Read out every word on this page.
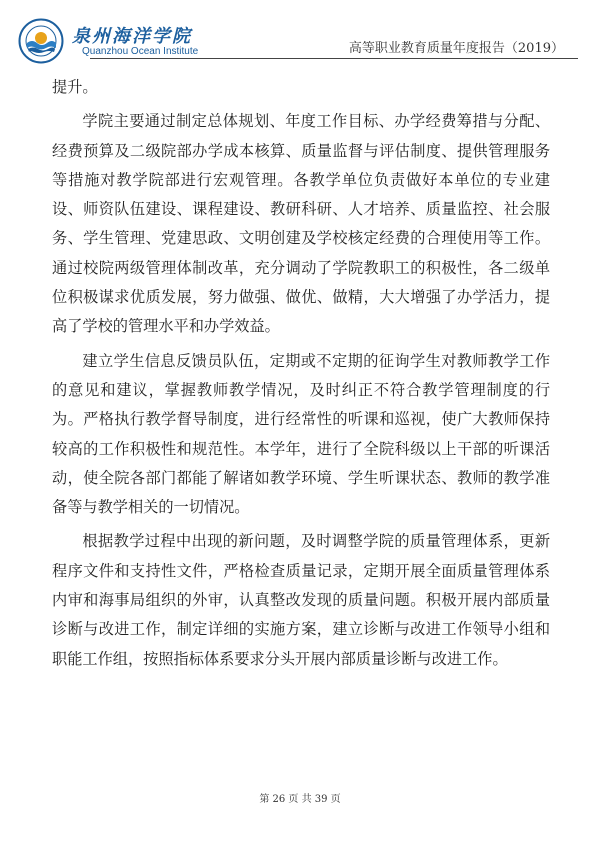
泉州海洋学院
Quanzhou Ocean Institute	高等职业教育质量年度报告（2019）

提升。

学院主要通过制定总体规划、年度工作目标、办学经费筹措与分配、经费预算及二级院部办学成本核算、质量监督与评估制度、提供管理服务等措施对教学院部进行宏观管理。各教学单位负责做好本单位的专业建设、师资队伍建设、课程建设、教研科研、人才培养、质量监控、社会服务、学生管理、党建思政、文明创建及学校核定经费的合理使用等工作。通过校院两级管理体制改革，充分调动了学院教职工的积极性，各二级单位积极谋求优质发展，努力做强、做优、做精，大大增强了办学活力，提高了学校的管理水平和办学效益。

建立学生信息反馈员队伍，定期或不定期的征询学生对教师教学工作的意见和建议，掌握教师教学情况，及时纠正不符合教学管理制度的行为。严格执行教学督导制度，进行经常性的听课和巡视，使广大教师保持较高的工作积极性和规范性。本学年，进行了全院科级以上干部的听课活动，使全院各部门都能了解诸如教学环境、学生听课状态、教师的教学准备等与教学相关的一切情况。

根据教学过程中出现的新问题，及时调整学院的质量管理体系，更新程序文件和支持性文件，严格检查质量记录，定期开展全面质量管理体系内审和海事局组织的外审，认真整改发现的质量问题。积极开展内部质量诊断与改进工作，制定详细的实施方案，建立诊断与改进工作领导小组和职能工作组，按照指标体系要求分头开展内部质量诊断与改进工作。

第 26 页 共 39 页
